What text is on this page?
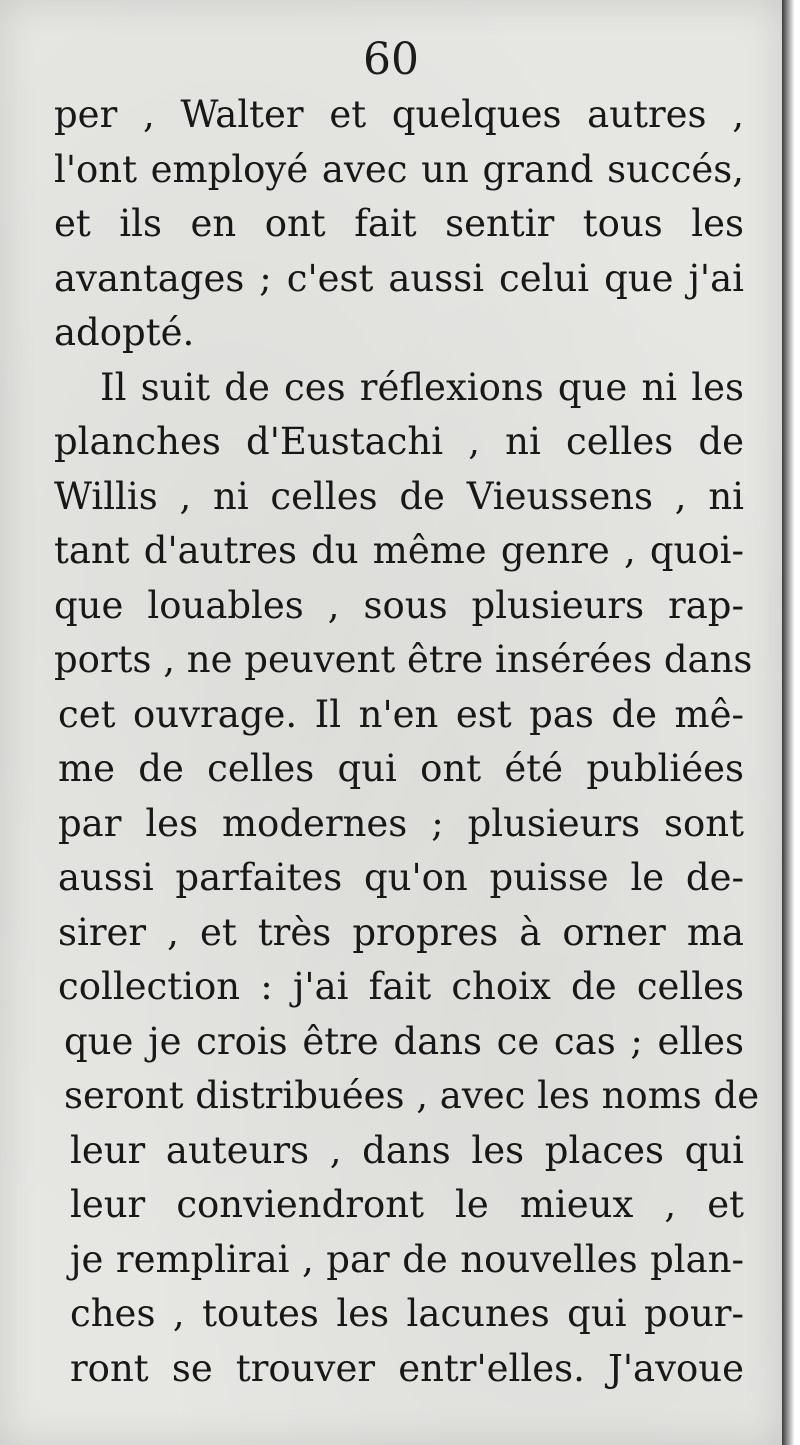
60
per , Walter et quelques autres ,
l'ont employé avec un grand succés,
et ils en ont fait sentir tous les
avantages ; c'est aussi celui que j'ai
adopté.
Il suit de ces réflexions que ni les
planches d'Eustachi , ni celles de
Willis , ni celles de Vieussens , ni
tant d'autres du même genre , quoi-
que louables , sous plusieurs rap-
ports , ne peuvent être insérées dans
cet ouvrage. Il n'en est pas de mê-
me de celles qui ont été publiées
par les modernes ; plusieurs sont
aussi parfaites qu'on puisse le de-
sirer , et très propres à orner ma
collection : j'ai fait choix de celles
que je crois être dans ce cas ; elles
seront distribuées , avec les noms de
leur auteurs , dans les places qui
leur conviendront le mieux , et
je remplirai , par de nouvelles plan-
ches , toutes les lacunes qui pour-
ront se trouver entr'elles. J'avoue
